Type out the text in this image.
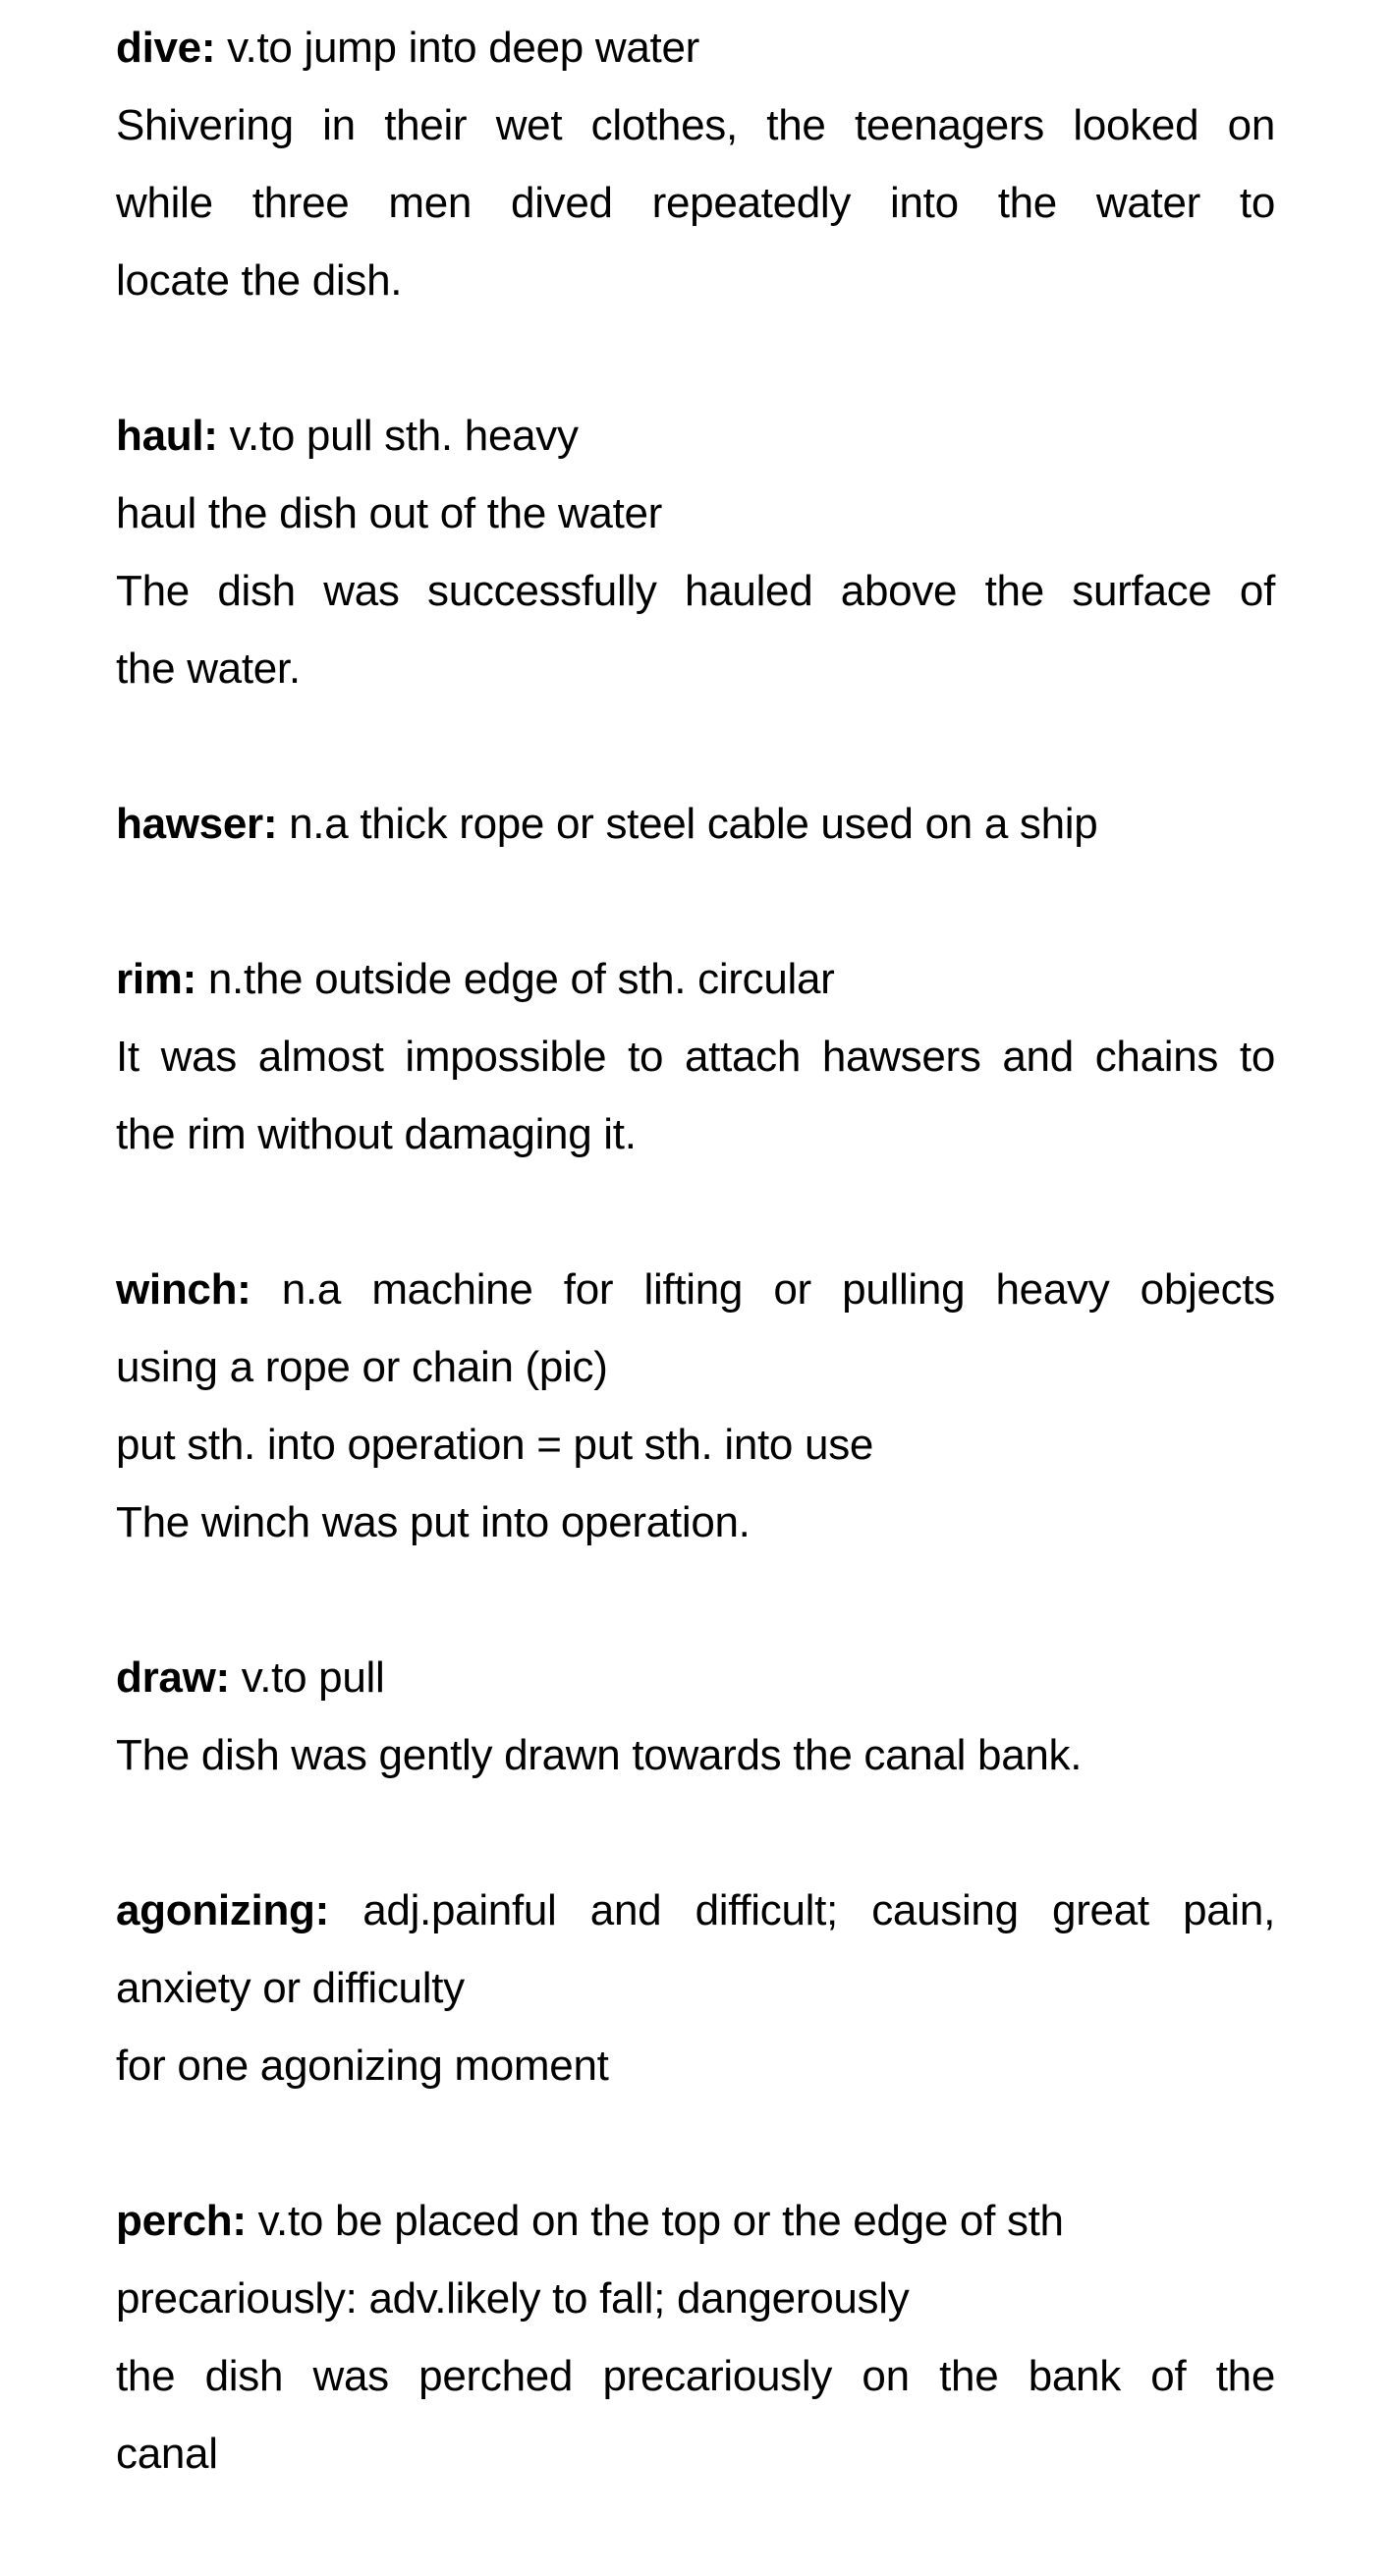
dive: v.to jump into deep water
Shivering in their wet clothes, the teenagers looked on
while three men dived repeatedly into the water to
locate the dish.
haul: v.to pull sth. heavy
haul the dish out of the water
The dish was successfully hauled above the surface of
the water.
hawser: n.a thick rope or steel cable used on a ship
rim: n.the outside edge of sth. circular
It was almost impossible to attach hawsers and chains to
the rim without damaging it.
winch: n.a machine for lifting or pulling heavy objects
using a rope or chain (pic)
put sth. into operation = put sth. into use
The winch was put into operation.
draw: v.to pull
The dish was gently drawn towards the canal bank.
agonizing: adj.painful and difficult; causing great pain,
anxiety or difficulty
for one agonizing moment
perch: v.to be placed on the top or the edge of sth
precariously: adv.likely to fall; dangerously
the dish was perched precariously on the bank of the
canal
